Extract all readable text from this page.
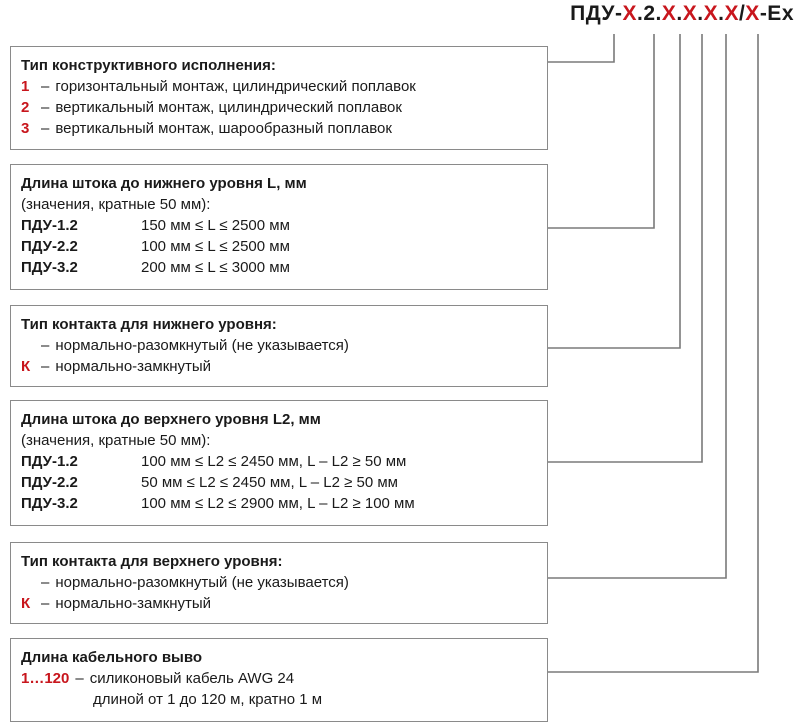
ПДУ-Х.2.Х.Х.Х.Х/Х-Ex
Тип конструктивного исполнения:
1 – горизонтальный монтаж, цилиндрический поплавок
2 – вертикальный монтаж, цилиндрический поплавок
3 – вертикальный монтаж, шарообразный поплавок
Длина штока до нижнего уровня L, мм
(значения, кратные 50 мм):
ПДУ-1.2	150 мм ≤ L ≤ 2500 мм
ПДУ-2.2	100 мм ≤ L ≤ 2500 мм
ПДУ-3.2	200 мм ≤ L ≤ 3000 мм
Тип контакта для нижнего уровня:
– нормально-разомкнутый (не указывается)
К – нормально-замкнутый
Длина штока до верхнего уровня L2, мм
(значения, кратные 50 мм):
ПДУ-1.2	100 мм ≤ L2 ≤ 2450 мм, L – L2 ≥ 50 мм
ПДУ-2.2	50 мм ≤ L2 ≤ 2450 мм, L – L2 ≥ 50 мм
ПДУ-3.2	100 мм ≤ L2 ≤ 2900 мм, L – L2 ≥ 100 мм
Тип контакта для верхнего уровня:
– нормально-разомкнутый (не указывается)
К – нормально-замкнутый
Длина кабельного выво
1…120 – силиконовый кабель AWG 24
длиной от 1 до 120 м, кратно 1 м
